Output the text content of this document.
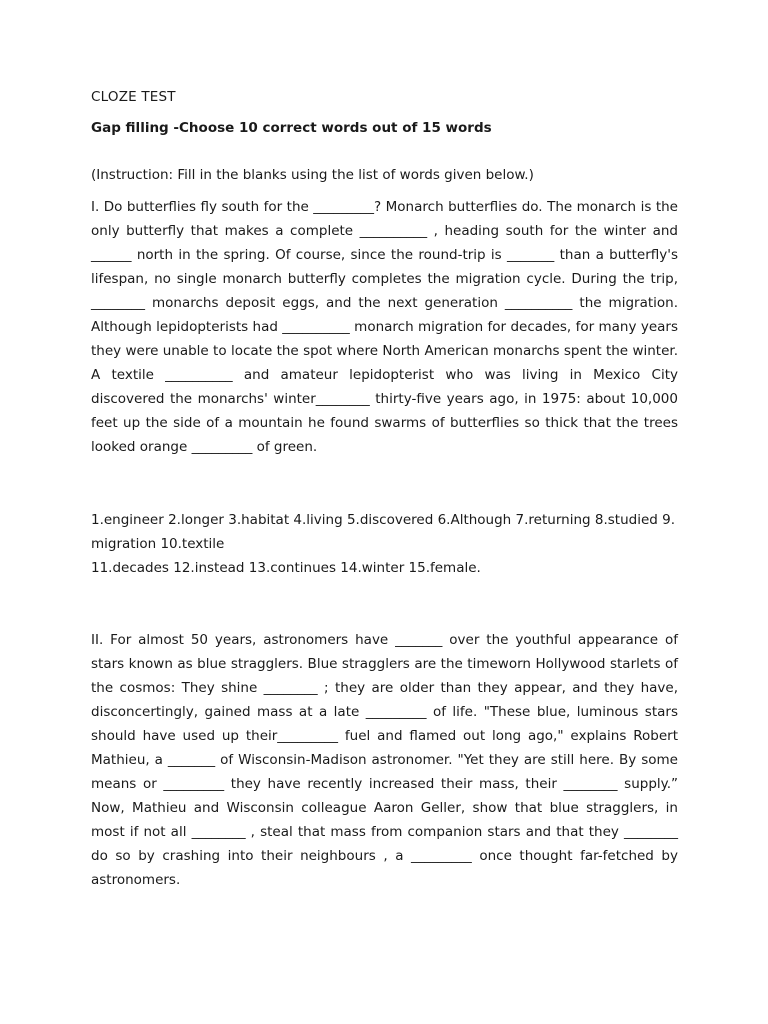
CLOZE TEST

Gap filling -Choose 10 correct words out of 15 words

(Instruction: Fill in the blanks using the list of words given below.)

I. Do butterflies fly south for the _________? Monarch butterflies do. The monarch is the only butterfly that makes a complete __________ , heading south for the winter and ______ north in the spring. Of course, since the round-trip is _______ than a butterfly's lifespan, no single monarch butterfly completes the migration cycle. During the trip, ________ monarchs deposit eggs, and the next generation __________ the migration. Although lepidopterists had __________ monarch migration for decades, for many years they were unable to locate the spot where North American monarchs spent the winter. A textile __________ and amateur lepidopterist who was living in Mexico City discovered the monarchs' winter________ thirty-five years ago, in 1975: about 10,000 feet up the side of a mountain he found swarms of butterflies so thick that the trees looked orange _________ of green.

1.engineer 2.longer 3.habitat 4.living 5.discovered 6.Although 7.returning 8.studied 9.migration 10.textile
11.decades 12.instead 13.continues 14.winter 15.female.

II. For almost 50 years, astronomers have _______ over the youthful appearance of stars known as blue stragglers. Blue stragglers are the timeworn Hollywood starlets of the cosmos: They shine ________ ; they are older than they appear, and they have, disconcertingly, gained mass at a late _________ of life. "These blue, luminous stars should have used up their_________ fuel and flamed out long ago," explains Robert Mathieu, a _______ of Wisconsin-Madison astronomer. "Yet they are still here. By some means or _________ they have recently increased their mass, their ________ supply.” Now, Mathieu and Wisconsin colleague Aaron Geller, show that blue stragglers, in most if not all ________ , steal that mass from companion stars and that they ________ do so by crashing into their neighbours , a _________ once thought far-fetched by astronomers.
